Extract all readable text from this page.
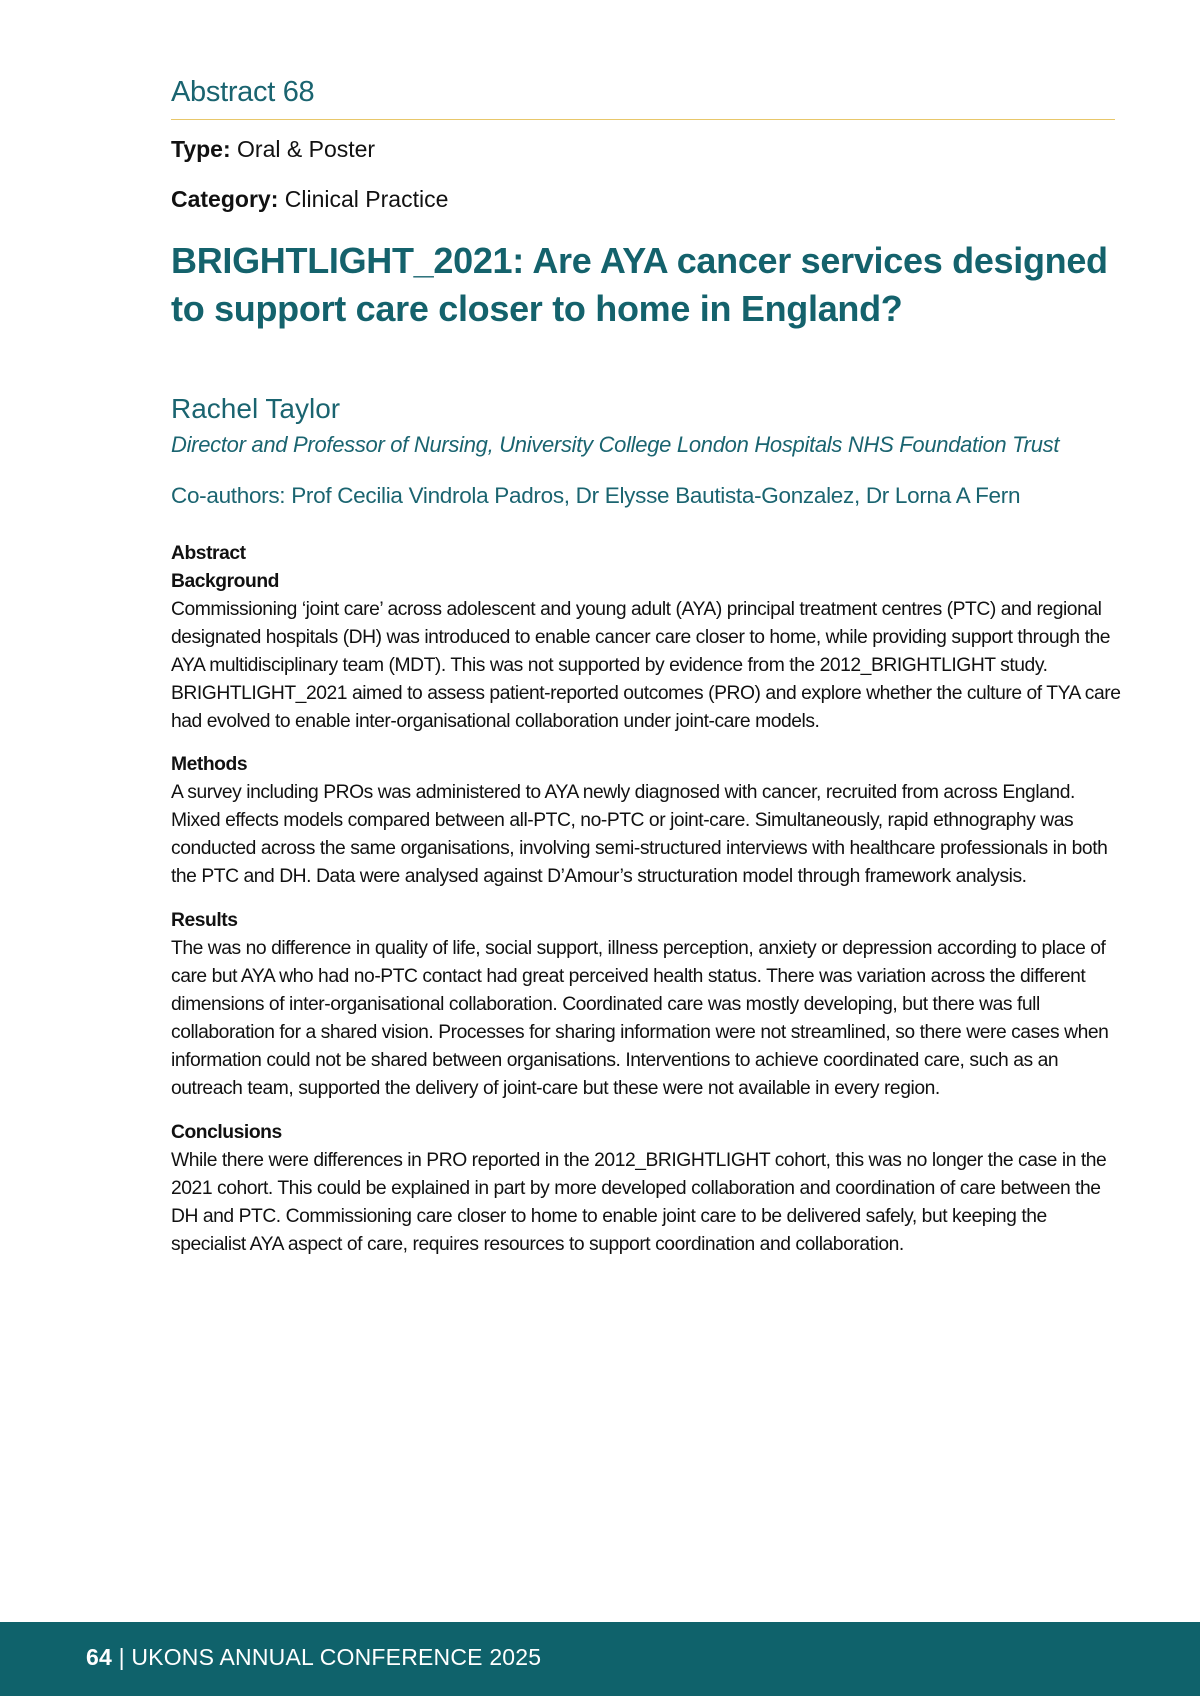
Abstract 68
Type: Oral & Poster
Category: Clinical Practice
BRIGHTLIGHT_2021: Are AYA cancer services designed to support care closer to home in England?
Rachel Taylor
Director and Professor of Nursing, University College London Hospitals NHS Foundation Trust
Co-authors: Prof Cecilia Vindrola Padros, Dr Elysse Bautista-Gonzalez, Dr Lorna A Fern
Abstract
Background
Commissioning ‘joint care’ across adolescent and young adult (AYA) principal treatment centres (PTC) and regional designated hospitals (DH) was introduced to enable cancer care closer to home, while providing support through the AYA multidisciplinary team (MDT). This was not supported by evidence from the 2012_BRIGHTLIGHT study. BRIGHTLIGHT_2021 aimed to assess patient-reported outcomes (PRO) and explore whether the culture of TYA care had evolved to enable inter-organisational collaboration under joint-care models.
Methods
A survey including PROs was administered to AYA newly diagnosed with cancer, recruited from across England. Mixed effects models compared between all-PTC, no-PTC or joint-care. Simultaneously, rapid ethnography was conducted across the same organisations, involving semi-structured interviews with healthcare professionals in both the PTC and DH. Data were analysed against D’Amour’s structuration model through framework analysis.
Results
The was no difference in quality of life, social support, illness perception, anxiety or depression according to place of care but AYA who had no-PTC contact had great perceived health status. There was variation across the different dimensions of inter-organisational collaboration. Coordinated care was mostly developing, but there was full collaboration for a shared vision. Processes for sharing information were not streamlined, so there were cases when information could not be shared between organisations. Interventions to achieve coordinated care, such as an outreach team, supported the delivery of joint-care but these were not available in every region.
Conclusions
While there were differences in PRO reported in the 2012_BRIGHTLIGHT cohort, this was no longer the case in the 2021 cohort. This could be explained in part by more developed collaboration and coordination of care between the DH and PTC. Commissioning care closer to home to enable joint care to be delivered safely, but keeping the specialist AYA aspect of care, requires resources to support coordination and collaboration.
64 | UKONS ANNUAL CONFERENCE 2025
